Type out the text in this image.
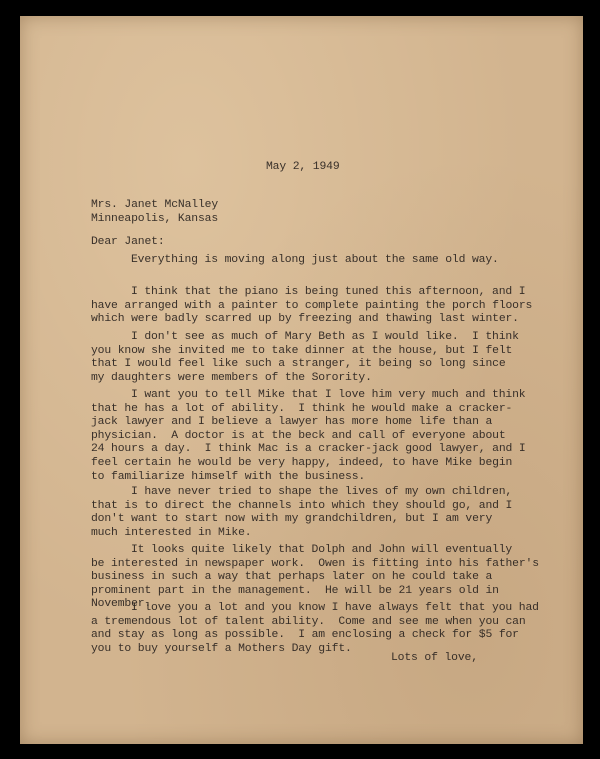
May 2, 1949
Mrs. Janet McNalley
Minneapolis, Kansas
Dear Janet:
Everything is moving along just about the same old way.
I think that the piano is being tuned this afternoon, and I
have arranged with a painter to complete painting the porch floors
which were badly scarred up by freezing and thawing last winter.
I don't see as much of Mary Beth as I would like.  I think
you know she invited me to take dinner at the house, but I felt
that I would feel like such a stranger, it being so long since
my daughters were members of the Sorority.
I want you to tell Mike that I love him very much and think
that he has a lot of ability.  I think he would make a cracker-
jack lawyer and I believe a lawyer has more home life than a
physician.  A doctor is at the beck and call of everyone about
24 hours a day.  I think Mac is a cracker-jack good lawyer, and I
feel certain he would be very happy, indeed, to have Mike begin
to familiarize himself with the business.
I have never tried to shape the lives of my own children,
that is to direct the channels into which they should go, and I
don't want to start now with my grandchildren, but I am very
much interested in Mike.
It looks quite likely that Dolph and John will eventually
be interested in newspaper work.  Owen is fitting into his father's
business in such a way that perhaps later on he could take a
prominent part in the management.  He will be 21 years old in
November.
I love you a lot and you know I have always felt that you had
a tremendous lot of talent ability.  Come and see me when you can
and stay as long as possible.  I am enclosing a check for $5 for
you to buy yourself a Mothers Day gift.
Lots of love,
